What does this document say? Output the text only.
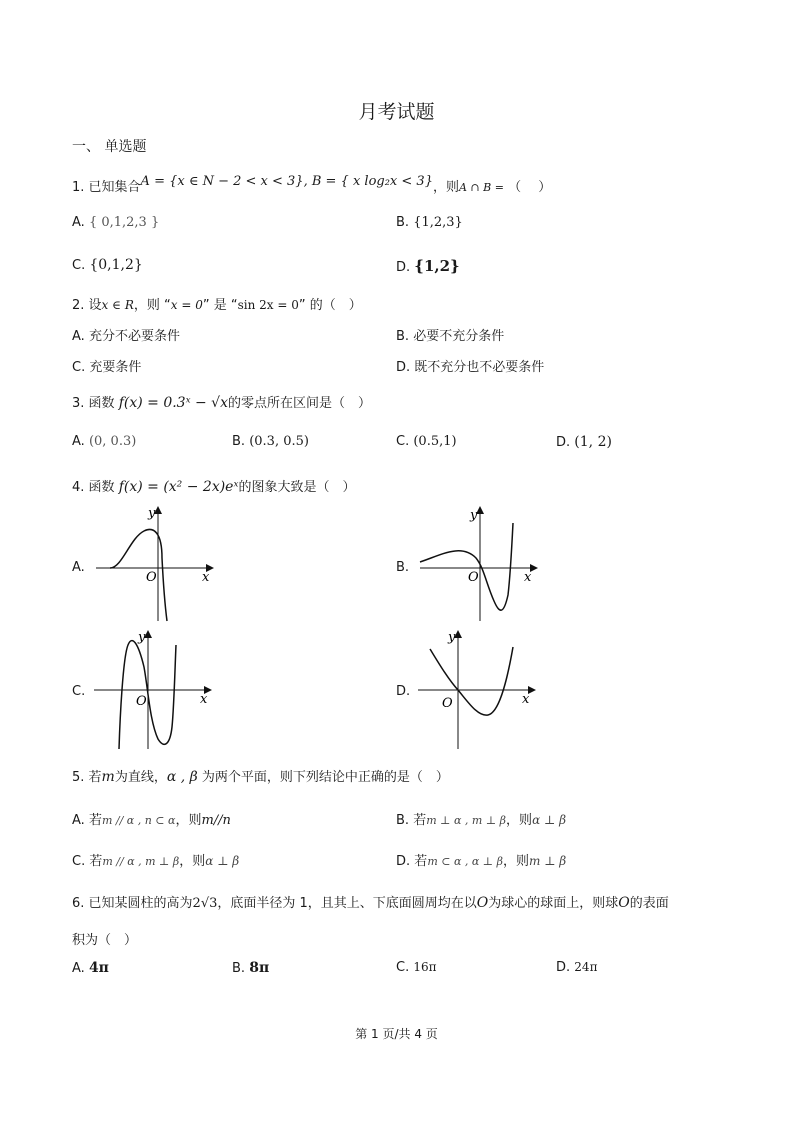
月考试题
一、 单选题
1. 已知集合A = {x ∈ N − 2 < x < 3}, B = { x log₂x < 3}，则A ∩ B = （　 ）
A. { 0,1,2,3 }	B. {1,2,3}
C. {0,1,2}	D. {1,2}
2. 设x ∈ R，则 “x = 0” 是 “sin 2x = 0” 的（　）
A. 充分不必要条件	B. 必要不充分条件
C. 充要条件	D. 既不充分也不必要条件
3. 函数 f(x) = 0.3ˣ − √x的零点所在区间是（　）
A. (0, 0.3)	B. (0.3, 0.5)	C. (0.5,1)	D. (1, 2)
4. 函数 f(x) = (x² − 2x)eˣ的图象大致是（　）
A.	B.
C.	D.
y
O	x
y
O	x
y
O	x
y
O	x
5. 若m为直线，α , β 为两个平面，则下列结论中正确的是（　）
A. 若m // α , n ⊂ α，则m//n	B. 若m ⊥ α , m ⊥ β，则α ⊥ β
C. 若m // α , m ⊥ β，则α ⊥ β	D. 若m ⊂ α , α ⊥ β，则m ⊥ β
6. 已知某圆柱的高为2√3，底面半径为 1，且其上、下底面圆周均在以O为球心的球面上，则球O的表面
积为（　）
A. 4π	B. 8π	C. 16π	D. 24π
第 1 页/共 4 页
